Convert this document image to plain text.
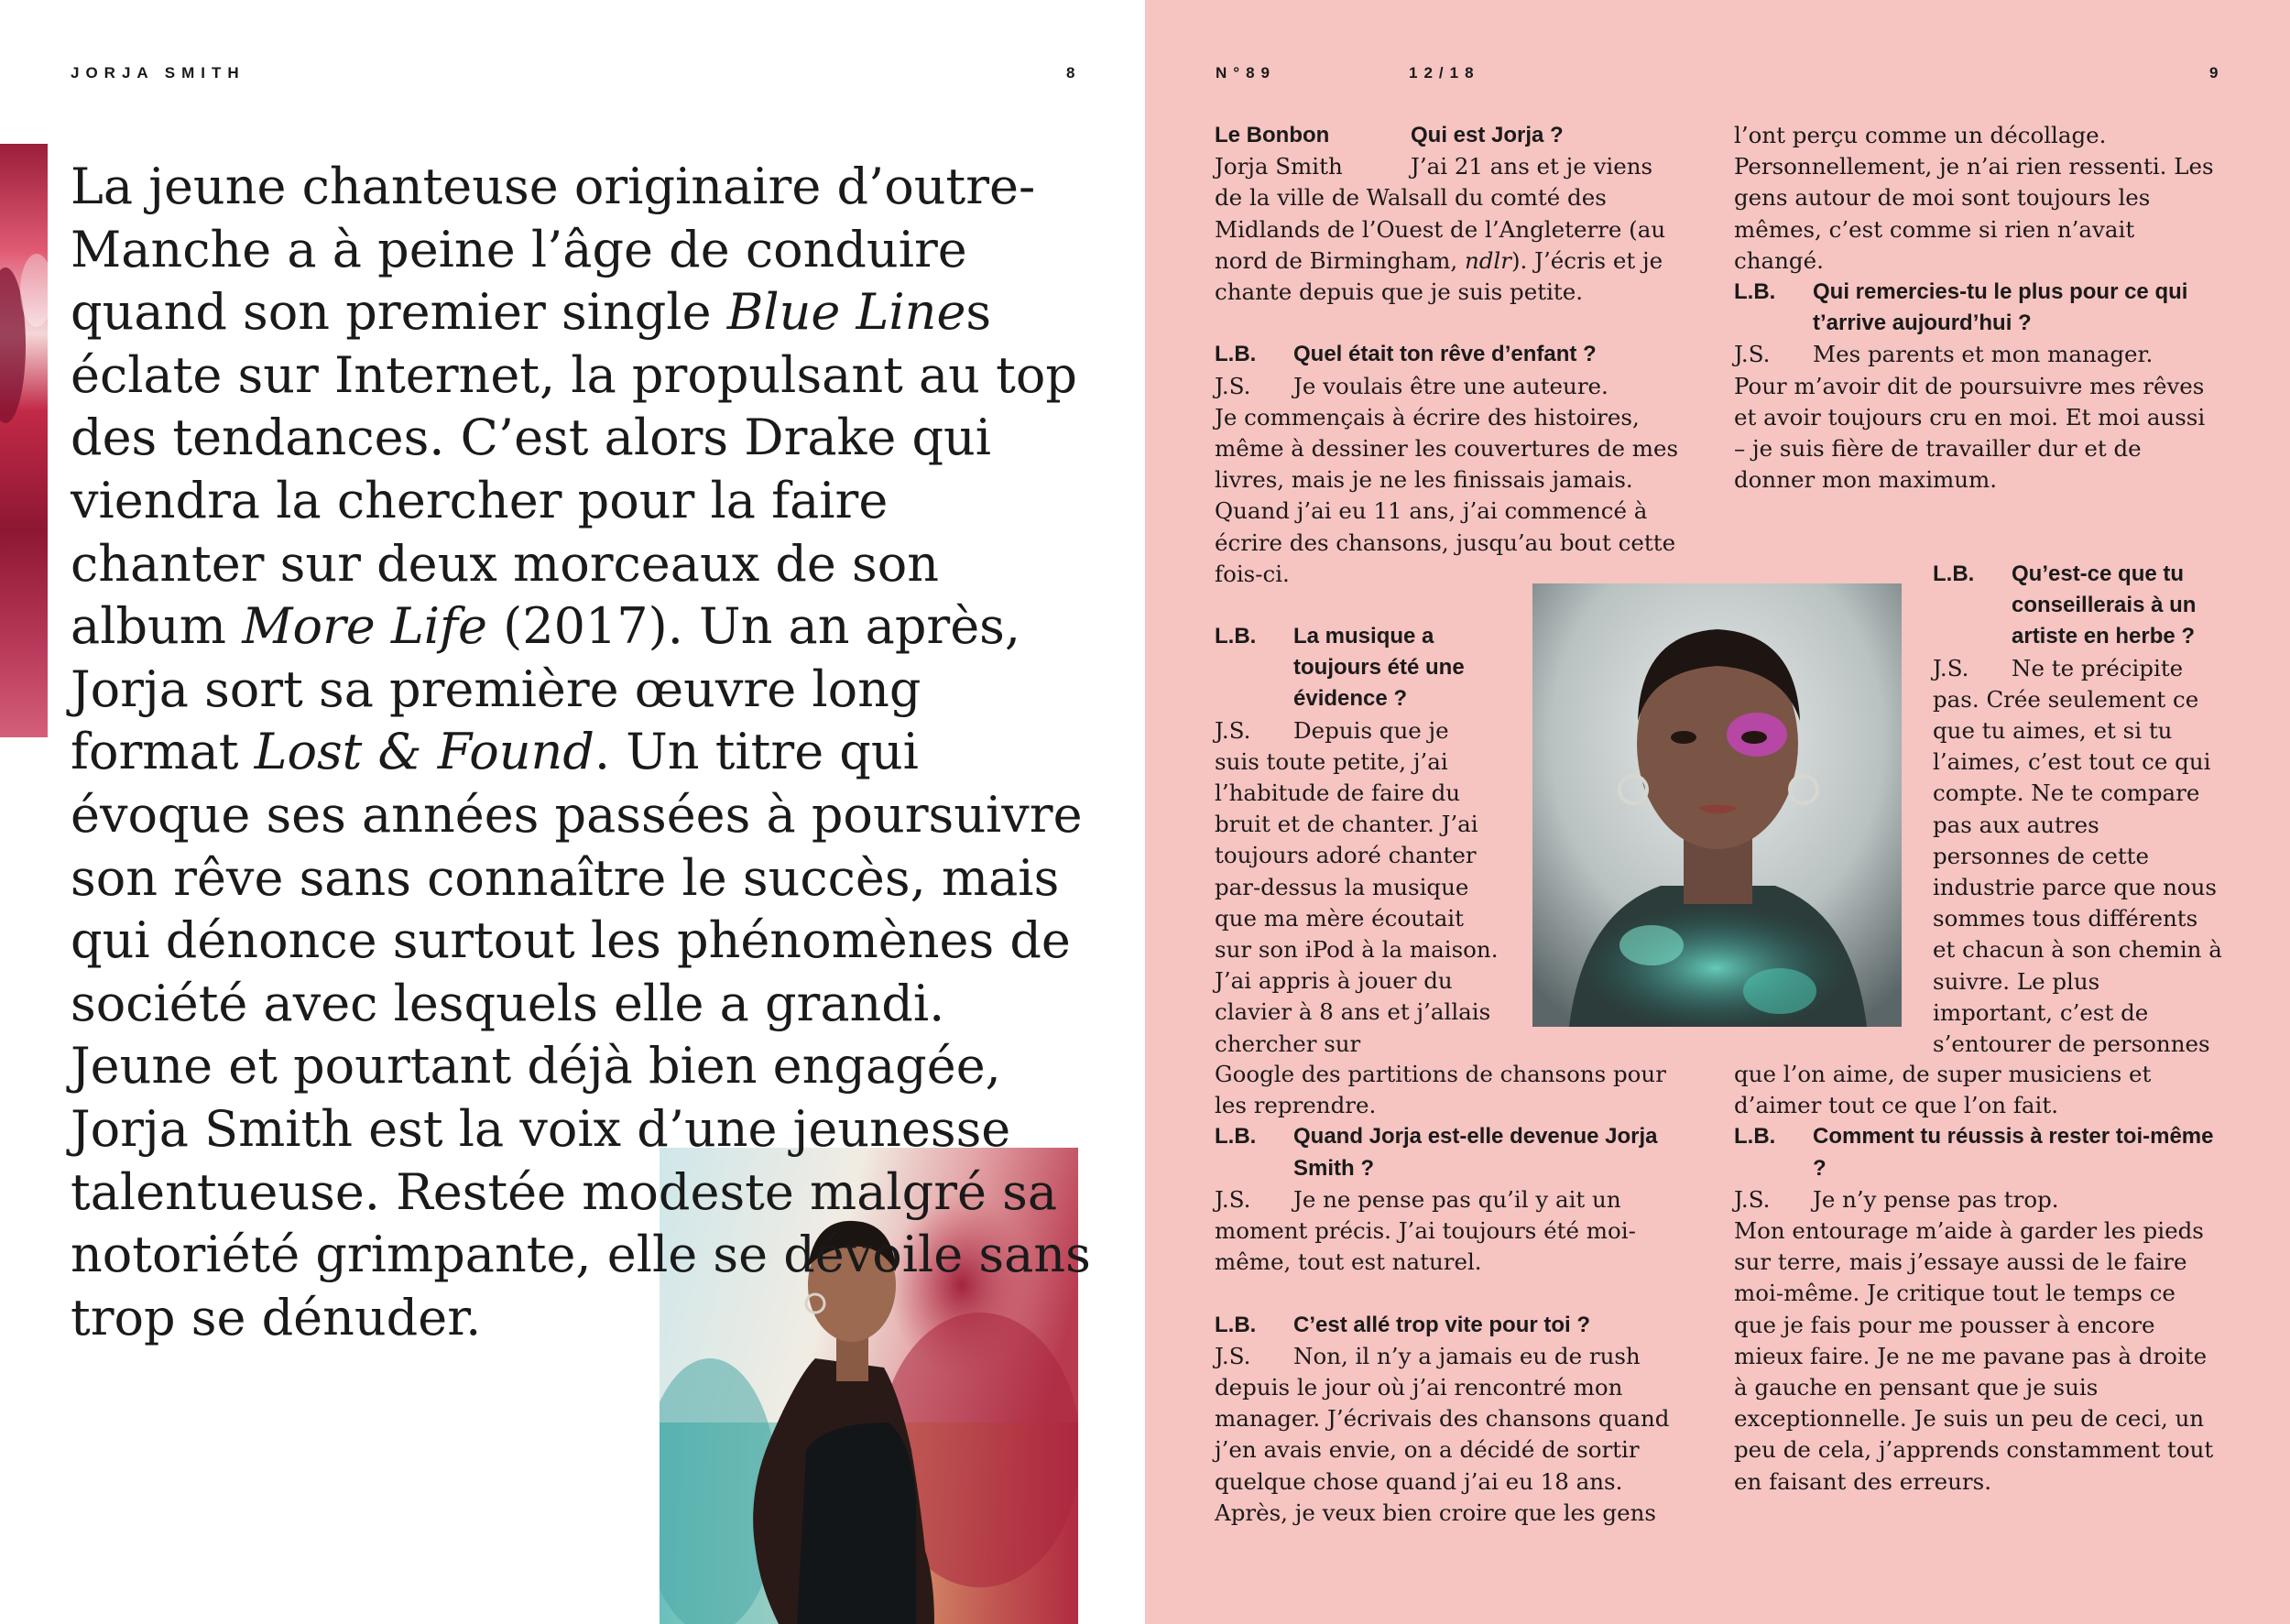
JORJA SMITH	8

La jeune chanteuse originaire d’outre-Manche a à peine l’âge de conduire quand son premier single Blue Lines éclate sur Internet, la propulsant au top des tendances. C’est alors Drake qui viendra la chercher pour la faire chanter sur deux morceaux de son album More Life (2017). Un an après, Jorja sort sa première œuvre long format Lost & Found. Un titre qui évoque ses années passées à poursuivre son rêve sans connaître le succès, mais qui dénonce surtout les phénomènes de société avec lesquels elle a grandi. Jeune et pourtant déjà bien engagée, Jorja Smith est la voix d’une jeunesse talentueuse. Restée modeste malgré sa notoriété grimpante, elle se dévoile sans trop se dénuder.

N°89	12/18	9
Le Bonbon	Qui est Jorja ?
Jorja Smith	J’ai 21 ans et je viens

de la ville de Walsall du comté des Midlands de l’Ouest de l’Angleterre (au nord de Birmingham, ndlr). J’écris et je chante depuis que je suis petite.

L.B.	Quel était ton rêve d’enfant ?
J.S.	Je voulais être une auteure.

Je commençais à écrire des histoires, même à dessiner les couvertures de mes livres, mais je ne les finissais jamais. Quand j’ai eu 11 ans, j’ai commencé à écrire des chansons, jusqu’au bout cette fois-ci.

L.B.	La musique a toujours été une évidence ?
J.S.	Depuis que je

suis toute petite, j’ai l’habitude de faire du bruit et de chanter. J’ai toujours adoré chanter par-dessus la musique que ma mère écoutait sur son iPod à la maison. J’ai appris à jouer du clavier à 8 ans et j’allais chercher sur

Google des partitions de chansons pour les reprendre.

L.B.	Quand Jorja est-elle devenue Jorja Smith ?
J.S.	Je ne pense pas qu’il y ait un

moment précis. J’ai toujours été moi-même, tout est naturel.

L.B.	C’est allé trop vite pour toi ?
J.S.	Non, il n’y a jamais eu de rush

depuis le jour où j’ai rencontré mon manager. J’écrivais des chansons quand j’en avais envie, on a décidé de sortir quelque chose quand j’ai eu 18 ans. Après, je veux bien croire que les gens

l’ont perçu comme un décollage. Personnellement, je n’ai rien ressenti. Les gens autour de moi sont toujours les mêmes, c’est comme si rien n’avait changé.

L.B.	Qui remercies-tu le plus pour ce qui t’arrive aujourd’hui ?
J.S.	Mes parents et mon manager.

Pour m’avoir dit de poursuivre mes rêves et avoir toujours cru en moi. Et moi aussi – je suis fière de travailler dur et de donner mon maximum.

L.B.	Qu’est-ce que tu conseillerais à un artiste en herbe ?
J.S.	Ne te précipite

pas. Crée seulement ce que tu aimes, et si tu l’aimes, c’est tout ce qui compte. Ne te compare pas aux autres personnes de cette industrie parce que nous sommes tous différents et chacun à son chemin à suivre. Le plus important, c’est de s’entourer de personnes

que l’on aime, de super musiciens et d’aimer tout ce que l’on fait.

L.B.	Comment tu réussis à rester toi-même ?
J.S.	Je n’y pense pas trop.

Mon entourage m’aide à garder les pieds sur terre, mais j’essaye aussi de le faire moi-même. Je critique tout le temps ce que je fais pour me pousser à encore mieux faire. Je ne me pavane pas à droite à gauche en pensant que je suis exceptionnelle. Je suis un peu de ceci, un peu de cela, j’apprends constamment tout en faisant des erreurs.
